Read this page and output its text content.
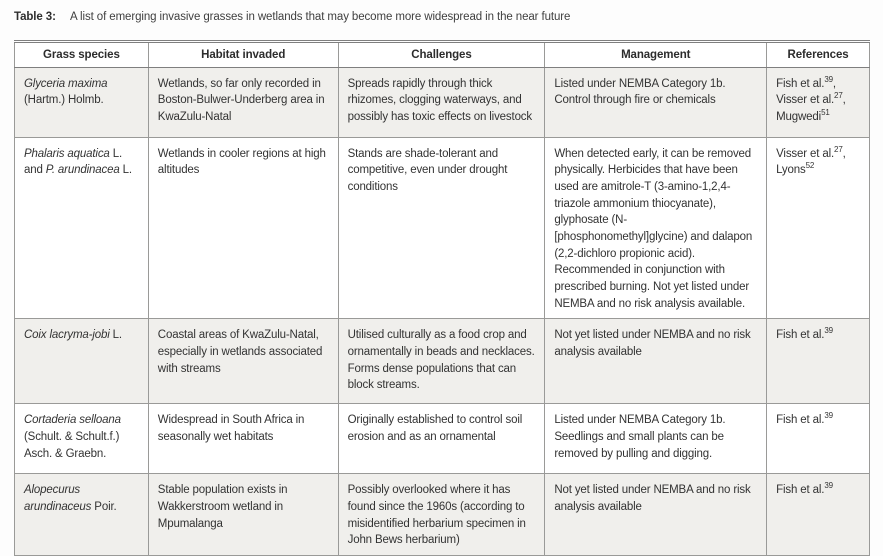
Table 3:	A list of emerging invasive grasses in wetlands that may become more widespread in the near future
Grass species	Habitat invaded	Challenges	Management	References
Glyceria maxima (Hartm.) Holmb.	Wetlands, so far only recorded in Boston-Bulwer-Underberg area in KwaZulu-Natal	Spreads rapidly through thick rhizomes, clogging waterways, and possibly has toxic effects on livestock	Listed under NEMBA Category 1b. Control through fire or chemicals	Fish et al.$^{39}$,
Visser et al.$^{27}$,
Mugwedi$^{51}$
Phalaris aquatica L. and P. arundinacea L.	Wetlands in cooler regions at high altitudes	Stands are shade-tolerant and competitive, even under drought conditions	When detected early, it can be removed physically. Herbicides that have been used are amitrole-T (3-amino-1,2,4-triazole ammonium thiocyanate), glyphosate (N-[phosphonomethyl]glycine) and dalapon (2,2-dichloro propionic acid). Recommended in conjunction with prescribed burning. Not yet listed under NEMBA and no risk analysis available.	Visser et al.$^{27}$,
Lyons$^{52}$
Coix lacryma-jobi L.	Coastal areas of KwaZulu-Natal, especially in wetlands associated with streams	Utilised culturally as a food crop and ornamentally in beads and necklaces. Forms dense populations that can block streams.	Not yet listed under NEMBA and no risk analysis available	Fish et al.$^{39}$
Cortaderia selloana (Schult. & Schult.f.) Asch. & Graebn.	Widespread in South Africa in seasonally wet habitats	Originally established to control soil erosion and as an ornamental	Listed under NEMBA Category 1b. Seedlings and small plants can be removed by pulling and digging.	Fish et al.$^{39}$
Alopecurus arundinaceus Poir.	Stable population exists in Wakkerstroom wetland in Mpumalanga	Possibly overlooked where it has found since the 1960s (according to misidentified herbarium specimen in John Bews herbarium)	Not yet listed under NEMBA and no risk analysis available	Fish et al.$^{39}$
